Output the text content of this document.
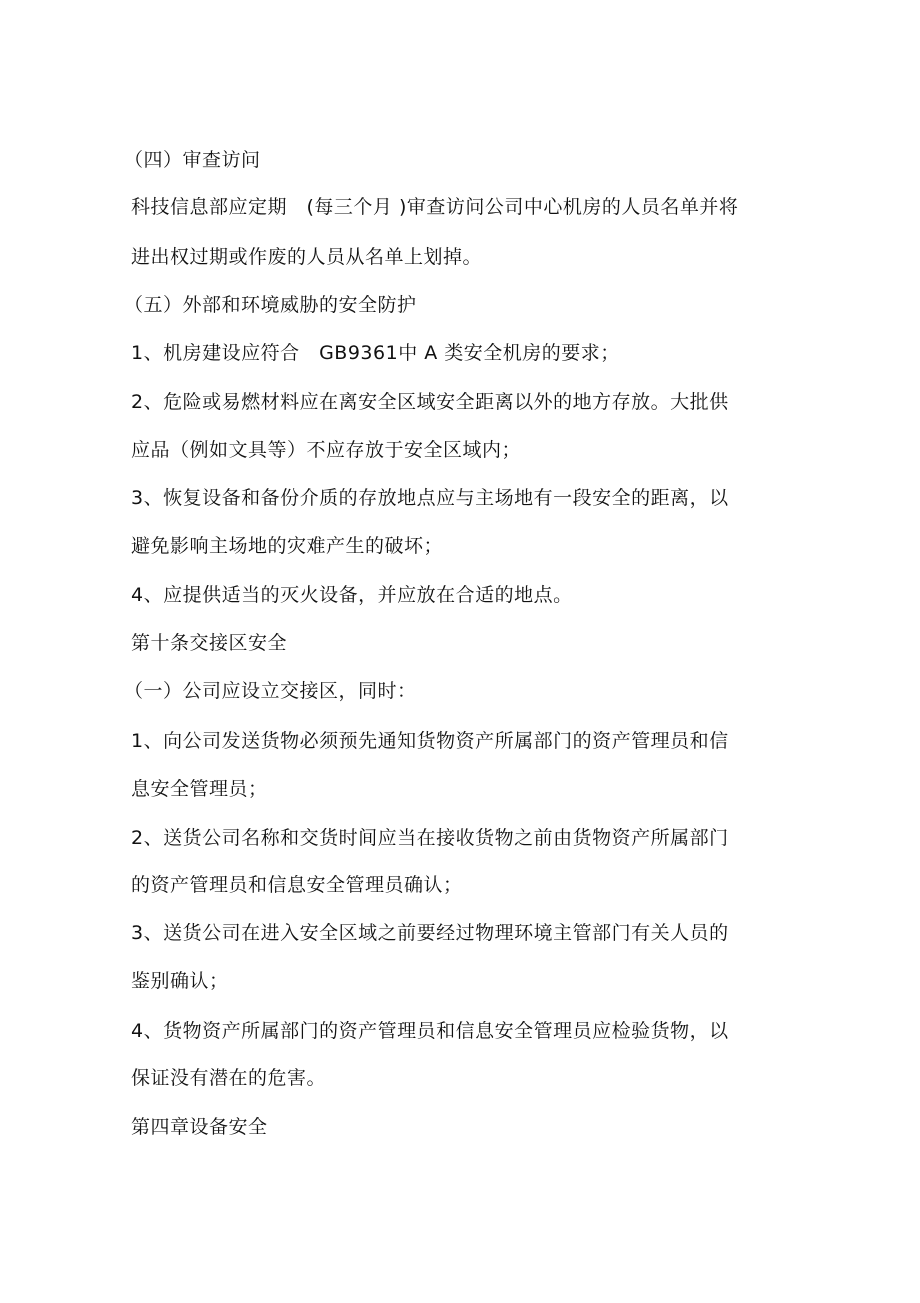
（四）审查访问
科技信息部应定期　(每三个月 )审查访问公司中心机房的人员名单并将
进出权过期或作废的人员从名单上划掉。
（五）外部和环境威胁的安全防护
1、机房建设应符合　GB9361中 A 类安全机房的要求；
2、危险或易燃材料应在离安全区域安全距离以外的地方存放。大批供
应品（例如文具等）不应存放于安全区域内；
3、恢复设备和备份介质的存放地点应与主场地有一段安全的距离，以
避免影响主场地的灾难产生的破坏；
4、应提供适当的灭火设备，并应放在合适的地点。
第十条交接区安全
（一）公司应设立交接区，同时：
1、向公司发送货物必须预先通知货物资产所属部门的资产管理员和信
息安全管理员；
2、送货公司名称和交货时间应当在接收货物之前由货物资产所属部门
的资产管理员和信息安全管理员确认；
3、送货公司在进入安全区域之前要经过物理环境主管部门有关人员的
鉴别确认；
4、货物资产所属部门的资产管理员和信息安全管理员应检验货物，以
保证没有潜在的危害。
第四章设备安全
